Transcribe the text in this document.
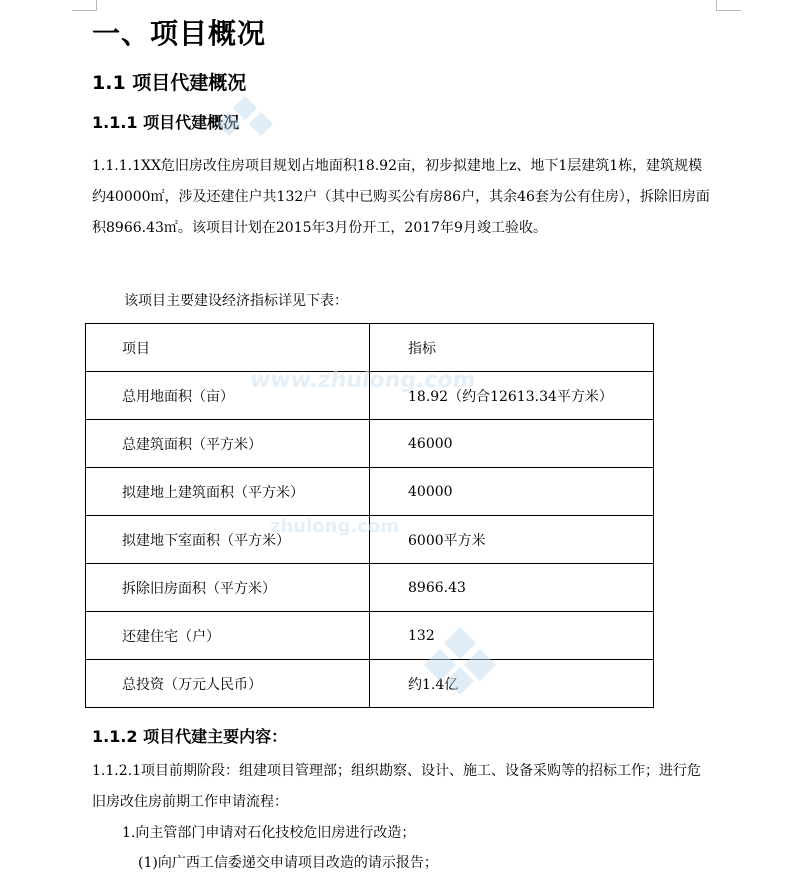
一、项目概况
1.1 项目代建概况
1.1.1 项目代建概况
1.1.1.1XX危旧房改住房项目规划占地面积18.92亩，初步拟建地上z、地下1层建筑1栋，建筑规模约40000㎡，涉及还建住户共132户（其中已购买公有房86户，其余46套为公有住房），拆除旧房面积8966.43㎡。该项目计划在2015年3月份开工，2017年9月竣工验收。
该项目主要建设经济指标详见下表：
项目	指标
总用地面积（亩）	18.92（约合12613.34平方米）
总建筑面积（平方米）	46000
拟建地上建筑面积（平方米）	40000
拟建地下室面积（平方米）	6000平方米
拆除旧房面积（平方米）	8966.43
还建住宅（户）	132
总投资（万元人民币）	约1.4亿
1.1.2 项目代建主要内容：
1.1.2.1项目前期阶段：组建项目管理部；组织勘察、设计、施工、设备采购等的招标工作；进行危旧房改住房前期工作申请流程：
1.向主管部门申请对石化技校危旧房进行改造；
(1)向广西工信委递交申请项目改造的请示报告；
www.zhulong.com
zhulong.com
